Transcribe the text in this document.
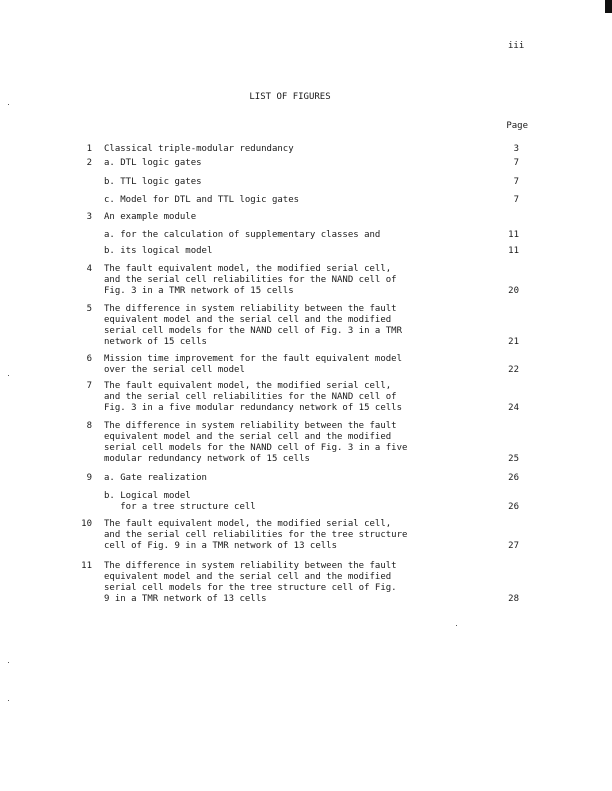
iii
LIST OF FIGURES
Page
1 Classical triple-modular redundancy	3
2 a. DTL logic gates	7
b. TTL logic gates	7
c. Model for DTL and TTL logic gates	7
3 An example module
a. for the calculation of supplementary classes and	11
b. its logical model	11
4 The fault equivalent model, the modified serial cell,
and the serial cell reliabilities for the NAND cell of
Fig. 3 in a TMR network of 15 cells	20
5 The difference in system reliability between the fault
equivalent model and the serial cell and the modified
serial cell models for the NAND cell of Fig. 3 in a TMR
network of 15 cells	21
6 Mission time improvement for the fault equivalent model
over the serial cell model	22
7 The fault equivalent model, the modified serial cell,
and the serial cell reliabilities for the NAND cell of
Fig. 3 in a five modular redundancy network of 15 cells	24
8 The difference in system reliability between the fault
equivalent model and the serial cell and the modified
serial cell models for the NAND cell of Fig. 3 in a five
modular redundancy network of 15 cells	25
9 a. Gate realization	26
b. Logical model
for a tree structure cell	26
10 The fault equivalent model, the modified serial cell,
and the serial cell reliabilities for the tree structure
cell of Fig. 9 in a TMR network of 13 cells	27
11 The difference in system reliability between the fault
equivalent model and the serial cell and the modified
serial cell models for the tree structure cell of Fig.
9 in a TMR network of 13 cells	28
